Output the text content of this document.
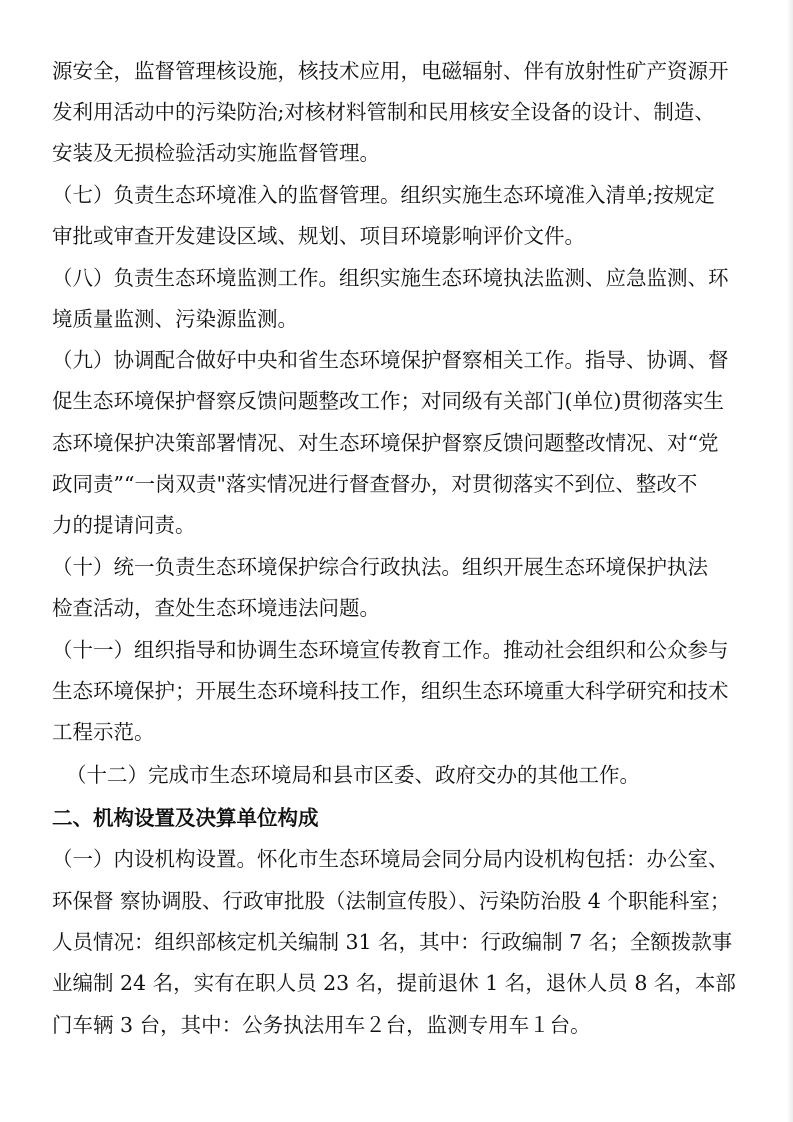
源安全，监督管理核设施，核技术应用，电磁辐射、伴有放射性矿产资源开
发利用活动中的污染防治;对核材料管制和民用核安全设备的设计、制造、
安装及无损检验活动实施监督管理。
（七）负责生态环境准入的监督管理。组织实施生态环境准入清单;按规定
审批或审查开发建设区域、规划、项目环境影响评价文件。
（八）负责生态环境监测工作。组织实施生态环境执法监测、应急监测、环
境质量监测、污染源监测。
（九）协调配合做好中央和省生态环境保护督察相关工作。指导、协调、督
促生态环境保护督察反馈问题整改工作；对同级有关部门(单位)贯彻落实生
态环境保护决策部署情况、对生态环境保护督察反馈问题整改情况、对“党
政同责”“一岗双责"落实情况进行督查督办，对贯彻落实不到位、整改不
力的提请问责。
（十）统一负责生态环境保护综合行政执法。组织开展生态环境保护执法
检查活动，查处生态环境违法问题。
（十一）组织指导和协调生态环境宣传教育工作。推动社会组织和公众参与
生态环境保护；开展生态环境科技工作，组织生态环境重大科学研究和技术
工程示范。
（十二）完成市生态环境局和县市区委、政府交办的其他工作。
二、机构设置及决算单位构成
（一）内设机构设置。怀化市生态环境局会同分局内设机构包括：办公室、
环保督 察协调股、行政审批股（法制宣传股）、污染防治股 4 个职能科室；
人员情况：组织部核定机关编制 31 名，其中：行政编制 7 名；全额拨款事
业编制 24 名，实有在职人员 23 名，提前退休 1 名，退休人员 8 名，本部
门车辆 3 台，其中：公务执法用车２台，监测专用车１台。
